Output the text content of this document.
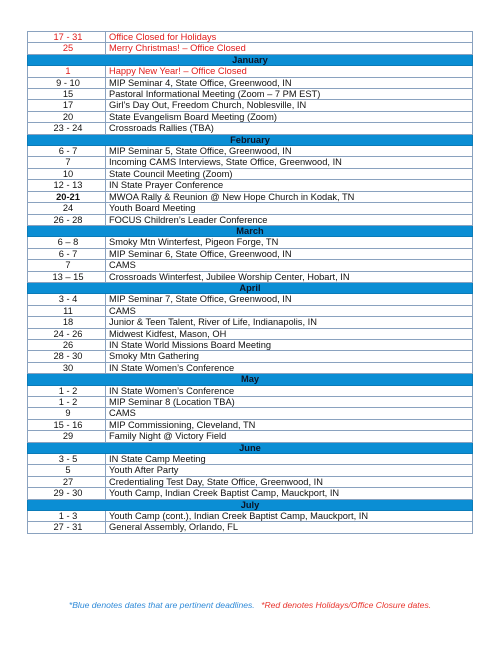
17 - 31	Office Closed for Holidays
25	Merry Christmas! – Office Closed
January	
1	Happy New Year! – Office Closed
9 - 10	MIP Seminar 4, State Office, Greenwood, IN
15	Pastoral Informational Meeting (Zoom – 7 PM EST)
17	Girl’s Day Out, Freedom Church, Noblesville, IN
20	State Evangelism Board Meeting (Zoom)
23 - 24	Crossroads Rallies (TBA)
February	
6 - 7	MIP Seminar 5, State Office, Greenwood, IN
7	Incoming CAMS Interviews, State Office, Greenwood, IN
10	State Council Meeting (Zoom)
12 - 13	IN State Prayer Conference
20-21	MWOA Rally & Reunion @ New Hope Church in Kodak, TN
24	Youth Board Meeting
26 - 28	FOCUS Children’s Leader Conference
March	
6 – 8	Smoky Mtn Winterfest, Pigeon Forge, TN
6 - 7	MIP Seminar 6, State Office, Greenwood, IN
7	CAMS
13 – 15	Crossroads Winterfest, Jubilee Worship Center, Hobart, IN
April	
3 - 4	MIP Seminar 7, State Office, Greenwood, IN
11	CAMS
18	Junior & Teen Talent, River of Life, Indianapolis, IN
24 - 26	Midwest Kidfest, Mason, OH
26	IN State World Missions Board Meeting
28 - 30	Smoky Mtn Gathering
30	IN State Women’s Conference
May	
1 - 2	IN State Women’s Conference
1 - 2	MIP Seminar 8 (Location TBA)
9	CAMS
15 - 16	MIP Commissioning, Cleveland, TN
29	Family Night @ Victory Field
June	
3 - 5	IN State Camp Meeting
5	Youth After Party
27	Credentialing Test Day, State Office, Greenwood, IN
29 - 30	Youth Camp, Indian Creek Baptist Camp, Mauckport, IN
July	
1 - 3	Youth Camp (cont.), Indian Creek Baptist Camp, Mauckport, IN
27 - 31	General Assembly, Orlando, FL
*Blue denotes dates that are pertinent deadlines. *Red denotes Holidays/Office Closure dates.
